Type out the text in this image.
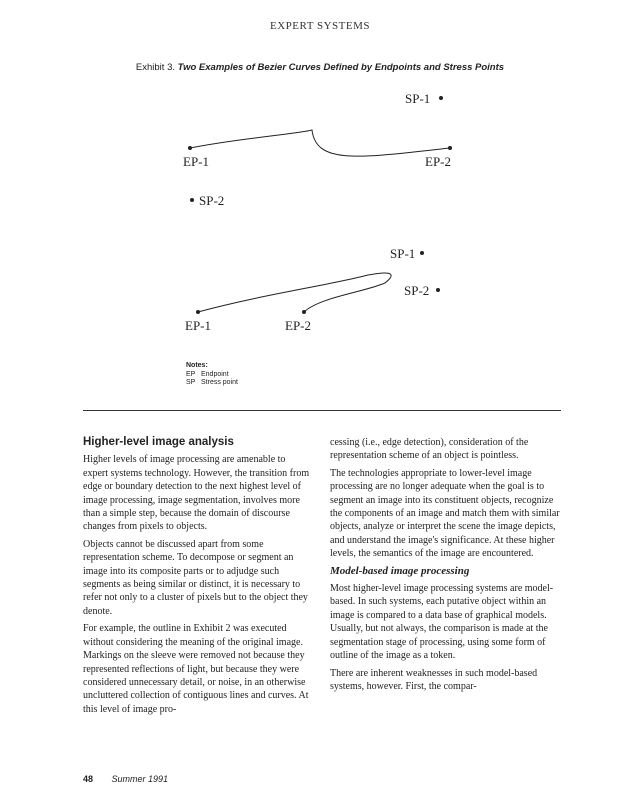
EXPERT SYSTEMS
Exhibit 3. Two Examples of Bezier Curves Defined by Endpoints and Stress Points
SP-1
EP-1	EP-2
SP-2
SP-1
SP-2
EP-1	EP-2
Notes:
EP Endpoint
SP Stress point
Higher-level image analysis

Higher levels of image processing are amenable to expert systems technology. However, the transition from edge or boundary detection to the next highest level of image processing, image segmentation, involves more than a simple step, because the domain of discourse changes from pixels to objects.

Objects cannot be discussed apart from some representation scheme. To decompose or segment an image into its composite parts or to adjudge such segments as being similar or distinct, it is necessary to refer not only to a cluster of pixels but to the object they denote.

For example, the outline in Exhibit 2 was executed without considering the meaning of the original image. Markings on the sleeve were removed not because they represented reflections of light, but because they were considered unnecessary detail, or noise, in an otherwise uncluttered collection of contiguous lines and curves. At this level of image pro-

cessing (i.e., edge detection), consideration of the representation scheme of an object is pointless.

The technologies appropriate to lower-level image processing are no longer adequate when the goal is to segment an image into its constituent objects, recognize the components of an image and match them with similar objects, analyze or interpret the scene the image depicts, and understand the image's significance. At these higher levels, the semantics of the image are encountered.

Model-based image processing

Most higher-level image processing systems are model-based. In such systems, each putative object within an image is compared to a data base of graphical models. Usually, but not always, the comparison is made at the segmentation stage of processing, using some form of outline of the image as a token.

There are inherent weaknesses in such model-based systems, however. First, the compar-

48 Summer 1991
